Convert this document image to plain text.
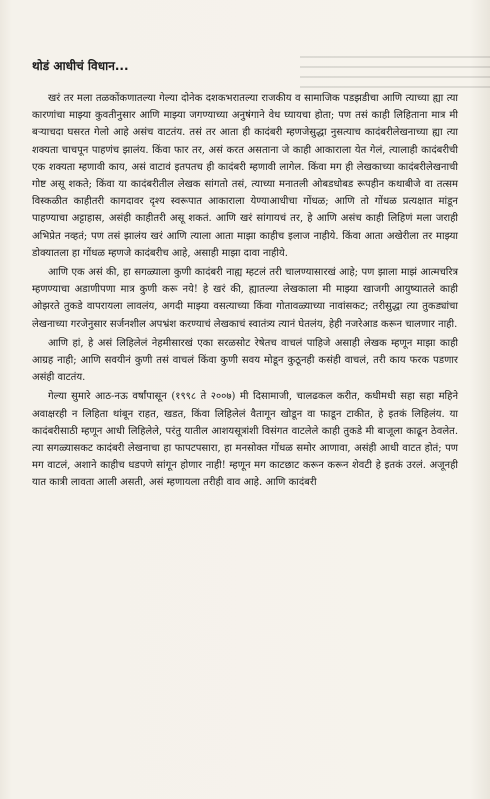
थोडं आधीचं विधान...

खरं तर मला तळकोंकणातल्या गेल्या दोनेक दशकभरातल्या राजकीय व सामाजिक पडझडीचा आणि त्याच्या ह्या त्या कारणांचा माझ्या कुवतीनुसार आणि माझ्या जगण्याच्या अनुषंगाने वेध घ्यायचा होता; पण तसं काही लिहिताना मात्र मी बऱ्याचदा घसरत गेलो आहे असंच वाटतंय. तसं तर आता ही कादंबरी म्हणजेसुद्धा नुसत्याच कादंबरीलेखनाच्या ह्या त्या शक्यता चाचपून पाहणंच झालंय. किंवा फार तर, असं करत असताना जे काही आकाराला येत गेलं, त्यालाही कादंबरीची एक शक्यता म्हणावी काय, असं वाटावं इतपतच ही कादंबरी म्हणावी लागेल. किंवा मग ही लेखकाच्या कादंबरीलेखनाची गोष्ट असू शकते; किंवा या कादंबरीतील लेखक सांगतो तसं, त्याच्या मनातली ओबडधोबड रूपहीन कथाबीजे वा तत्सम विस्कळीत काहीतरी कागदावर दृश्य स्वरूपात आकाराला येण्याआधीचा गोंधळ; आणि तो गोंधळ प्रत्यक्षात मांडून पाहण्याचा अट्टाहास, असंही काहीतरी असू शकतं. आणि खरं सांगायचं तर, हे आणि असंच काही लिहिणं मला जराही अभिप्रेत नव्हतं; पण तसं झालंय खरं आणि त्याला आता माझा काहीच इलाज नाहीये. किंवा आता अखेरीला तर माझ्या डोक्यातला हा गोंधळ म्हणजे कादंबरीच आहे, असाही माझा दावा नाहीये.

आणि एक असं की, हा सगळ्याला कुणी कादंबरी नाह्य म्हटलं तरी चालण्यासारखं आहे; पण झाला माझं आत्मचरित्र म्हणण्याचा अडाणीपणा मात्र कुणी करू नये! हे खरं की, ह्यातल्या लेखकाला मी माझ्या खाजगी आयुष्यातले काही ओझरते तुकडे वापरायला लावलंय, अगदी माझ्या वसत्याच्या किंवा गोतावळ्याच्या नावांसकट; तरीसुद्धा त्या तुकड्यांचा लेखनाच्या गरजेनुसार सर्जनशील अपभ्रंश करण्याचं लेखकाचं स्वातंत्र्य त्यानं घेतलंय, हेही नजरेआड करून चालणार नाही.

आणि हां, हे असं लिहिलेलं नेहमीसारखं एका सरळसोट रेषेतच वाचलं पाहिजे असाही लेखक म्हणून माझा काही आग्रह नाही; आणि सवयीनं कुणी तसं वाचलं किंवा कुणी सवय मोडून कुठूनही कसंही वाचलं, तरी काय फरक पडणार असंही वाटतंय.

गेल्या सुमारे आठ-नऊ वर्षांपासून (१९९८ ते २००७) मी दिसामाजी, चालढकल करीत, कधीमधी सहा सहा महिने अवाक्षरही न लिहिता थांबून राहत, खडत, किंवा लिहिलेलं वैतागून खोडून वा फाडून टाकीत, हे इतकं लिहिलंय. या कादंबरीसाठी म्हणून आधी लिहिलेले, परंतु यातील आशयसूत्रांशी विसंगत वाटलेले काही तुकडे मी बाजूला काढून ठेवलेत. त्या सगळ्यासकट कादंबरी लेखनाचा हा फापटपसारा, हा मनसोक्त गोंधळ समोर आणावा, असंही आधी वाटत होतं; पण मग वाटलं, अशाने काहीच धडपणे सांगून होणार नाही! म्हणून मग काटछाट करून करून शेवटी हे इतकं उरलं. अजूनही यात कात्री लावता आली असती, असं म्हणायला तरीही वाव आहे. आणि कादंबरी
